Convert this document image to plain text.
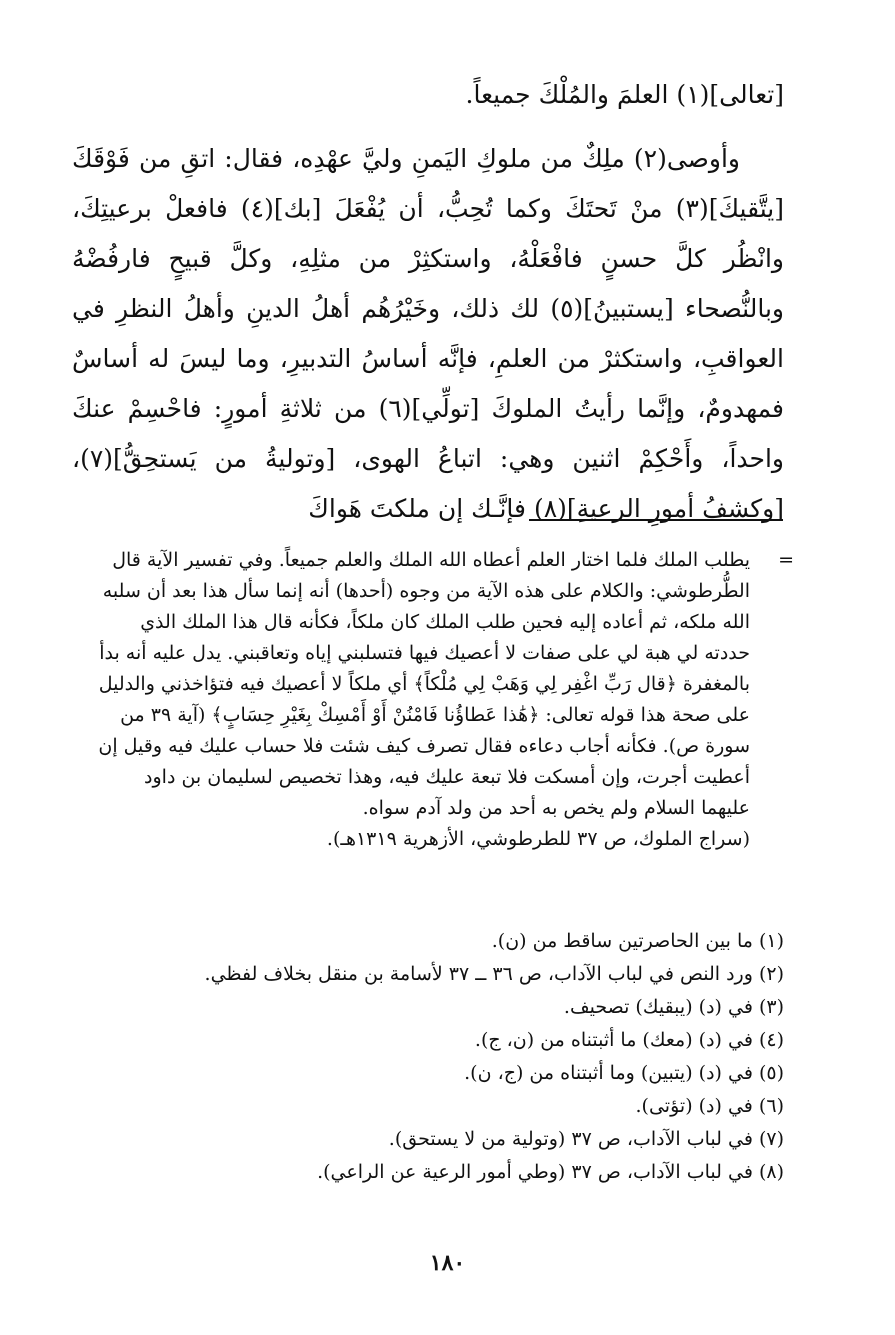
[تعالى](١) العلمَ والمُلْكَ جميعاً.

وأوصى(٢) ملِكٌ من ملوكِ اليَمنِ وليَّ عهْدِه، فقال: اتقِ من فَوْقَكَ [يتَّقيكَ](٣) منْ تَحتَكَ وكما تُحِبُّ، أن يُفْعَلَ [بك](٤) فافعلْ برعيتِكَ، وانْظُر كلَّ حسنٍ فافْعَلْهُ، واستكثِرْ من مثلِهِ، وكلَّ قبيحٍ فارفُضْهُ وبالنُّصحاء [يستبينُ](٥) لك ذلك، وخَيْرُهُم أهلُ الدينِ وأهلُ النظرِ في العواقبِ، واستكثرْ من العلمِ، فإنَّه أساسُ التدبيرِ، وما ليسَ له أساسٌ فمهدومٌ، وإنَّما رأيتُ الملوكَ [تولِّي](٦) من ثلاثةِ أمورٍ: فاحْسِمْ عنكَ واحداً، وأَحْكِمْ اثنين وهي: اتباعُ الهوى، [وتوليةُ من يَستحِقُّ](٧)، [وكشفُ أمورِ الرعيةِ](٨) فإنَّـك إن ملكتَ هَواكَ

=

يطلب الملك فلما اختار العلم أعطاه الله الملك والعلم جميعاً. وفي تفسير الآية قال

الطُّرطوشي: والكلام على هذه الآية من وجوه (أحدها) أنه إنما سأل هذا بعد أن سلبه

الله ملكه، ثم أعاده إليه فحين طلب الملك كان ملكاً، فكأنه قال هذا الملك الذي

حددته لي هبة لي على صفات لا أعصيك فيها فتسلبني إياه وتعاقبني. يدل عليه أنه بدأ

بالمغفرة ﴿قال رَبِّ اغْفِر لِي وَهَبْ لِي مُلْكاً﴾ أي ملكاً لا أعصيك فيه فتؤاخذني والدليل

على صحة هذا قوله تعالى: ﴿هَٰذا عَطاؤُنا فَامْنُنْ أَوْ أَمْسِكْ بِغَيْرِ حِسَابٍ﴾ (آية ٣٩ من

سورة ص). فكأنه أجاب دعاءه فقال تصرف كيف شئت فلا حساب عليك فيه وقيل إن

أعطيت أجرت، وإن أمسكت فلا تبعة عليك فيه، وهذا تخصيص لسليمان بن داود

عليهما السلام ولم يخص به أحد من ولد آدم سواه.

(سراج الملوك، ص ٣٧ للطرطوشي، الأزهرية ١٣١٩هـ).

(١) ما بين الحاصرتين ساقط من (ن).
(٢) ورد النص في لباب الآداب، ص ٣٦ ــ ٣٧ لأسامة بن منقل بخلاف لفظي.
(٣) في (د) (يبقيك) تصحيف.
(٤) في (د) (معك) ما أثبتناه من (ن، ج).
(٥) في (د) (يتبين) وما أثبتناه من (ج، ن).
(٦) في (د) (تؤتى).
(٧) في لباب الآداب، ص ٣٧ (وتولية من لا يستحق).
(٨) في لباب الآداب، ص ٣٧ (وطي أمور الرعية عن الراعي).
١٨٠
